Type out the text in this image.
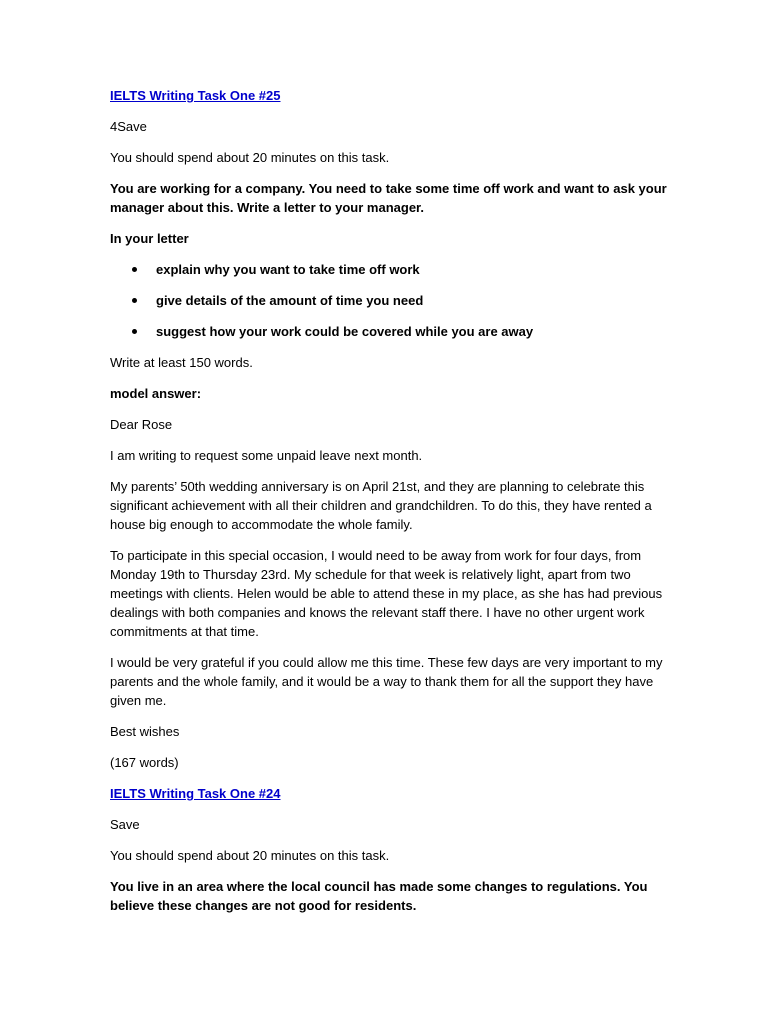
IELTS Writing Task One #25

4Save

You should spend about 20 minutes on this task.

You are working for a company. You need to take some time off work and want to ask your manager about this. Write a letter to your manager.

In your letter

explain why you want to take time off work
give details of the amount of time you need
suggest how your work could be covered while you are away

Write at least 150 words.

model answer:

Dear Rose

I am writing to request some unpaid leave next month.

My parents’ 50th wedding anniversary is on April 21st, and they are planning to celebrate this significant achievement with all their children and grandchildren. To do this, they have rented a house big enough to accommodate the whole family.

To participate in this special occasion, I would need to be away from work for four days, from Monday 19th to Thursday 23rd. My schedule for that week is relatively light, apart from two meetings with clients. Helen would be able to attend these in my place, as she has had previous dealings with both companies and knows the relevant staff there. I have no other urgent work commitments at that time.

I would be very grateful if you could allow me this time. These few days are very important to my parents and the whole family, and it would be a way to thank them for all the support they have given me.

Best wishes

(167 words)

IELTS Writing Task One #24

Save

You should spend about 20 minutes on this task.

You live in an area where the local council has made some changes to regulations. You believe these changes are not good for residents.
